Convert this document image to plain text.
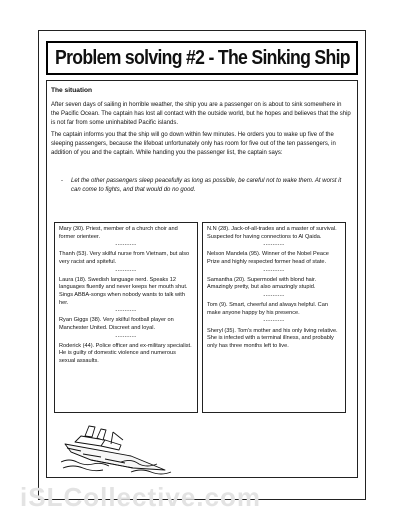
Problem solving #2 - The Sinking Ship
The situation
After seven days of sailing in horrible weather, the ship you are a passenger on is about to sink somewhere in the Pacific Ocean. The captain has lost all contact with the outside world, but he hopes and believes that the ship is not far from some uninhabited Pacific islands.
The captain informs you that the ship will go down within few minutes. He orders you to wake up five of the sleeping passengers, because the lifeboat unfortunately only has room for five out of the ten passengers, in addition of you and the captain. While handing you the passenger list, the captain says:
-	Let the other passengers sleep peacefully as long as possible, be careful not to wake them. At worst it can come to fights, and that would do no good.
Mary (30). Priest, member of a church choir and former orienteer.
---------
Thanh (53). Very skilful nurse from Vietnam, but also very racist and spiteful.
---------
Laura (18). Swedish language nerd. Speaks 12 languages fluently and never keeps her mouth shut. Sings ABBA-songs when nobody wants to talk with her.
---------
Ryan Giggs (38). Very skilful football player on Manchester United. Discreet and loyal.
---------
Roderick (44). Police officer and ex-military specialist. He is guilty of domestic violence and numerous sexual assaults.
N.N (28). Jack-of-all-trades and a master of survival. Suspected for having connections to Al Qaida.
---------
Nelson Mandela (95). Winner of the Nobel Peace Prize and highly respected former head of state.
---------
Samantha (20). Supermodel with blond hair. Amazingly pretty, but also amazingly stupid.
---------
Tom (9). Smart, cheerful and always helpful. Can make anyone happy by his presence.
---------
Sheryl (35). Tom's mother and his only living relative. She is infected with a terminal illness, and probably only has three months left to live.
iSLCollective.com
